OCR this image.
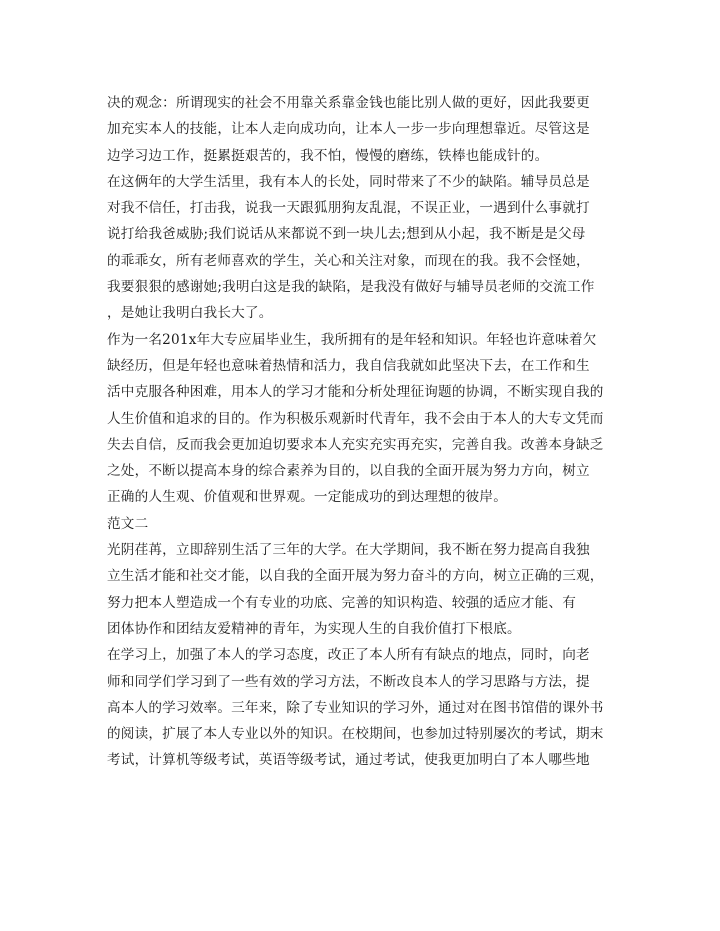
决的观念：所谓现实的社会不用靠关系靠金钱也能比别人做的更好，因此我要更
加充实本人的技能，让本人走向成功向，让本人一步一步向理想靠近。尽管这是
边学习边工作，挺累挺艰苦的，我不怕，慢慢的磨练，铁棒也能成针的。
在这俩年的大学生活里，我有本人的长处，同时带来了不少的缺陷。辅导员总是
对我不信任，打击我，说我一天跟狐朋狗友乱混，不误正业，一遇到什么事就打
说打给我爸威胁;我们说话从来都说不到一块儿去;想到从小起，我不断是是父母
的乖乖女，所有老师喜欢的学生，关心和关注对象，而现在的我。我不会怪她，
我要狠狠的感谢她;我明白这是我的缺陷，是我没有做好与辅导员老师的交流工作
，是她让我明白我长大了。
作为一名201x年大专应届毕业生，我所拥有的是年轻和知识。年轻也许意味着欠
缺经历，但是年轻也意味着热情和活力，我自信我就如此坚决下去，在工作和生
活中克服各种困难，用本人的学习才能和分析处理征询题的协调，不断实现自我的
人生价值和追求的目的。作为积极乐观新时代青年，我不会由于本人的大专文凭而
失去自信，反而我会更加迫切要求本人充实充实再充实，完善自我。改善本身缺乏
之处，不断以提高本身的综合素养为目的，以自我的全面开展为努力方向，树立
正确的人生观、价值观和世界观。一定能成功的到达理想的彼岸。
范文二
光阴荏苒，立即辞别生活了三年的大学。在大学期间，我不断在努力提高自我独
立生活才能和社交才能，以自我的全面开展为努力奋斗的方向，树立正确的三观，
努力把本人塑造成一个有专业的功底、完善的知识构造、较强的适应才能、有
团体协作和团结友爱精神的青年，为实现人生的自我价值打下根底。
在学习上，加强了本人的学习态度，改正了本人所有有缺点的地点，同时，向老
师和同学们学习到了一些有效的学习方法，不断改良本人的学习思路与方法，提
高本人的学习效率。三年来，除了专业知识的学习外，通过对在图书馆借的课外书
的阅读，扩展了本人专业以外的知识。在校期间，也参加过特别屡次的考试，期末
考试，计算机等级考试，英语等级考试，通过考试，使我更加明白了本人哪些地
